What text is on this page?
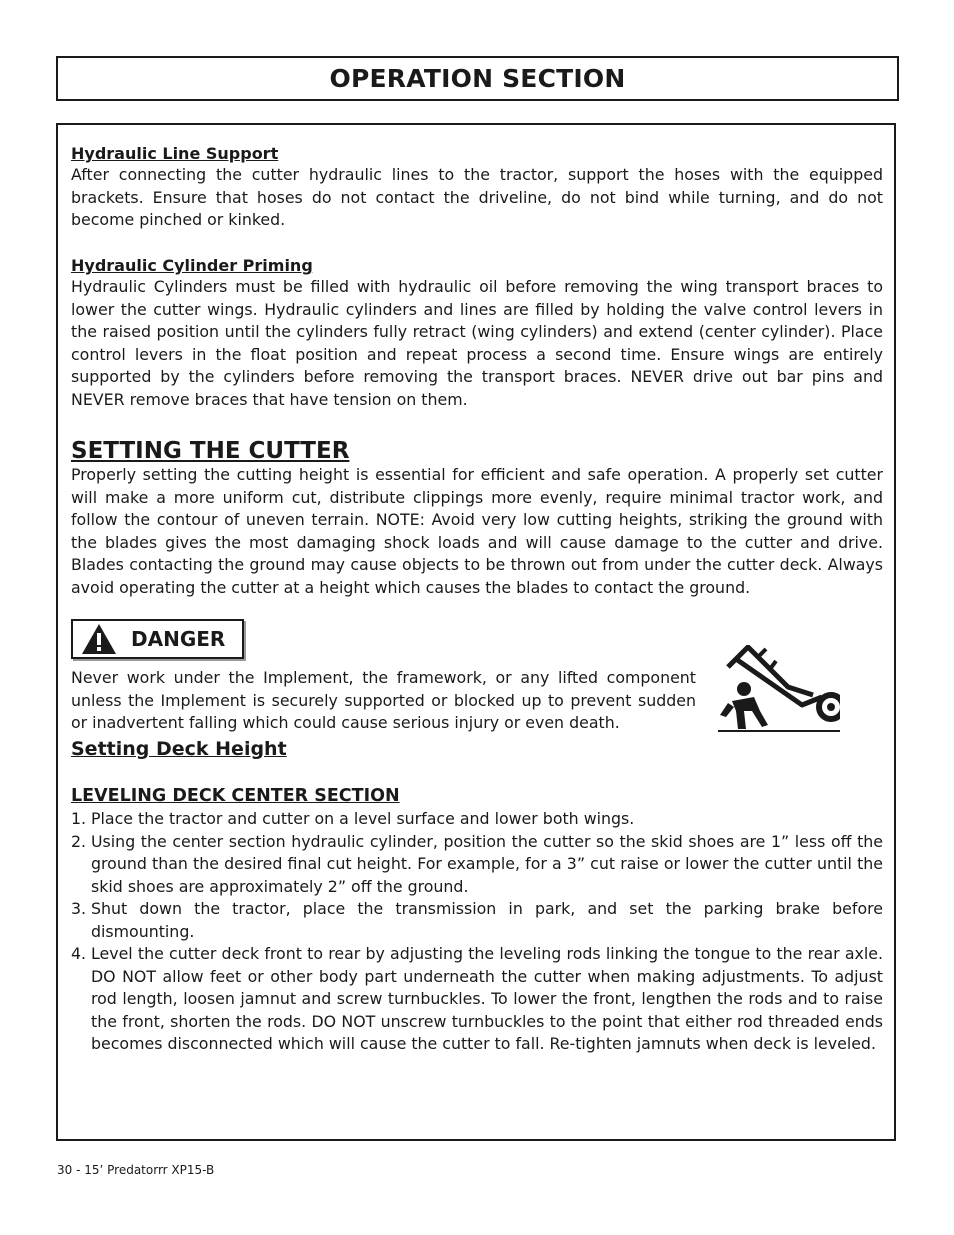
OPERATION SECTION

Hydraulic Line Support

After connecting the cutter hydraulic lines to the tractor, support the hoses with the equipped brackets. Ensure that hoses do not contact the driveline, do not bind while turning, and do not become pinched or kinked.

Hydraulic Cylinder Priming

Hydraulic Cylinders must be filled with hydraulic oil before removing the wing transport braces to lower the cutter wings. Hydraulic cylinders and lines are filled by holding the valve control levers in the raised position until the cylinders fully retract (wing cylinders) and extend (center cylinder). Place control levers in the float position and repeat process a second time. Ensure wings are entirely supported by the cylinders before removing the transport braces. NEVER drive out bar pins and NEVER remove braces that have tension on them.

SETTING THE CUTTER

Properly setting the cutting height is essential for efficient and safe operation. A properly set cutter will make a more uniform cut, distribute clippings more evenly, require minimal tractor work, and follow the contour of uneven terrain. NOTE: Avoid very low cutting heights, striking the ground with the blades gives the most damaging shock loads and will cause damage to the cutter and drive. Blades contacting the ground may cause objects to be thrown out from under the cutter deck. Always avoid operating the cutter at a height which causes the blades to contact the ground.

DANGER

Never work under the Implement, the framework, or any lifted component unless the Implement is securely supported or blocked up to prevent sudden or inadvertent falling which could cause serious injury or even death.

Setting Deck Height

LEVELING DECK CENTER SECTION

1. Place the tractor and cutter on a level surface and lower both wings.
2. Using the center section hydraulic cylinder, position the cutter so the skid shoes are 1” less off the ground than the desired final cut height. For example, for a 3” cut raise or lower the cutter until the skid shoes are approximately 2” off the ground.
3. Shut down the tractor, place the transmission in park, and set the parking brake before dismounting.
4. Level the cutter deck front to rear by adjusting the leveling rods linking the tongue to the rear axle. DO NOT allow feet or other body part underneath the cutter when making adjustments. To adjust rod length, loosen jamnut and screw turnbuckles. To lower the front, lengthen the rods and to raise the front, shorten the rods. DO NOT unscrew turnbuckles to the point that either rod threaded ends becomes disconnected which will cause the cutter to fall. Re-tighten jamnuts when deck is leveled.
30 - 15’ Predatorrr XP15-B
